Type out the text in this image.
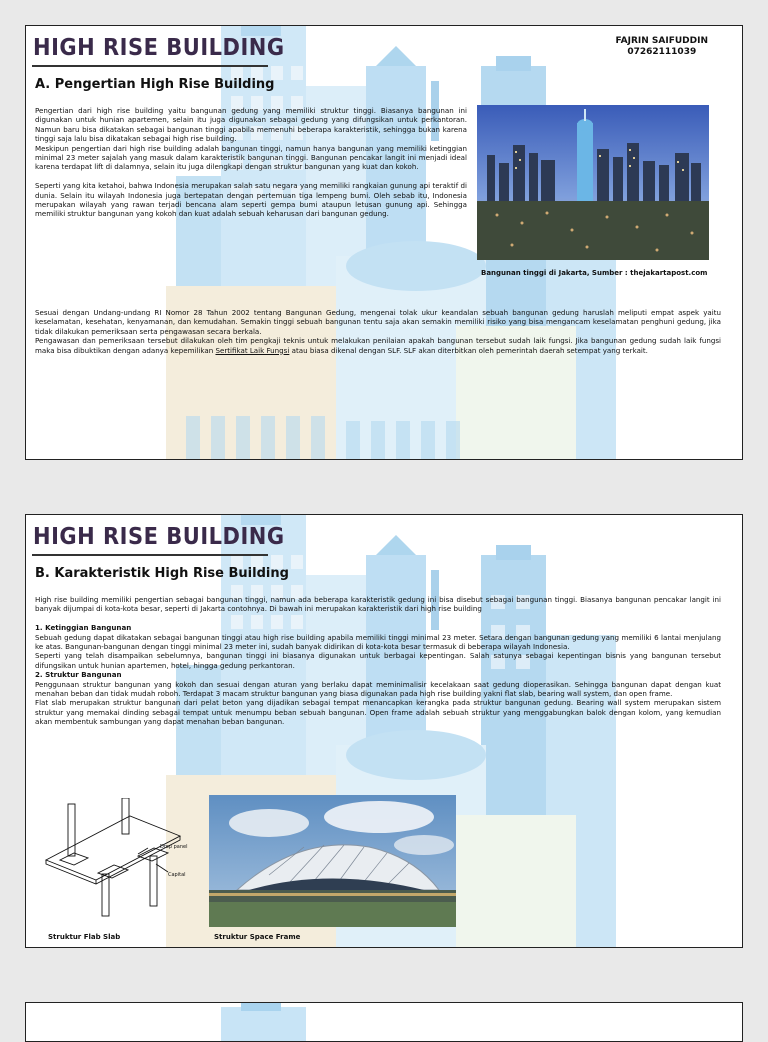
HIGH RISE BUILDING	FAJRIN SAIFUDDIN
07262111039
A. Pengertian High Rise Building

Pengertian dari high rise building yaitu bangunan gedung yang memiliki struktur tinggi. Biasanya bangunan ini digunakan untuk hunian apartemen, selain itu juga digunakan sebagai gedung yang difungsikan untuk perkantoran. Namun baru bisa dikatakan sebagai bangunan tinggi apabila memenuhi beberapa karakteristik, sehingga bukan karena tinggi saja lalu bisa dikatakan sebagai high rise building.

Meskipun pengertian dari high rise building adalah bangunan tinggi, namun hanya bangunan yang memiliki ketinggian minimal 23 meter sajalah yang masuk dalam karakteristik bangunan tinggi. Bangunan pencakar langit ini menjadi ideal karena terdapat lift di dalamnya, selain itu juga dilengkapi dengan struktur bangunan yang kuat dan kokoh.

Seperti yang kita ketahoi, bahwa Indonesia merupakan salah satu negara yang memiliki rangkaian gunung api teraktif di dunia. Selain itu wilayah Indonesia juga bertepatan dengan pertemuan tiga lempeng bumi. Oleh sebab itu, Indonesia merupakan wilayah yang rawan terjadi bencana alam seperti gempa bumi ataupun letusan gunung api. Sehingga memiliki struktur bangunan yang kokoh dan kuat adalah sebuah keharusan dari bangunan gedung.

Bangunan tinggi di Jakarta, Sumber : thejakartapost.com

Sesuai dengan Undang-undang RI Nomor 28 Tahun 2002 tentang Bangunan Gedung, mengenai tolak ukur keandalan sebuah bangunan gedung haruslah meliputi empat aspek yaitu keselamatan, kesehatan, kenyamanan, dan kemudahan. Semakin tinggi sebuah bangunan tentu saja akan semakin memiliki risiko yang bisa mengancam keselamatan penghuni gedung, jika tidak dilakukan pemeriksaan serta pengawasan secara berkala.

Pengawasan dan pemeriksaan tersebut dilakukan oleh tim pengkaji teknis untuk melakukan penilaian apakah bangunan tersebut sudah laik fungsi. Jika bangunan gedung sudah laik fungsi maka bisa dibuktikan dengan adanya kepemilikan Sertifikat Laik Fungsi atau biasa dikenal dengan SLF. SLF akan diterbitkan oleh pemerintah daerah setempat yang terkait.

HIGH RISE BUILDING
B. Karakteristik High Rise Building

High rise building memiliki pengertian sebagai bangunan tinggi, namun ada beberapa karakteristik gedung ini bisa disebut sebagai bangunan tinggi. Biasanya bangunan pencakar langit ini banyak dijumpai di kota-kota besar, seperti di Jakarta contohnya. Di bawah ini merupakan karakteristik dari high rise building

1. Ketinggian Bangunan

Sebuah gedung dapat dikatakan sebagai bangunan tinggi atau high rise building apabila memiliki tinggi minimal 23 meter. Setara dengan bangunan gedung yang memiliki 6 lantai menjulang ke atas. Bangunan-bangunan dengan tinggi minimal 23 meter ini, sudah banyak didirikan di kota-kota besar termasuk di beberapa wilayah Indonesia.

Seperti yang telah disampaikan sebelumnya, bangunan tinggi ini biasanya digunakan untuk berbagai kepentingan. Salah satunya sebagai kepentingan bisnis yang bangunan tersebut difungsikan untuk hunian apartemen, hotel, hingga gedung perkantoran.

2. Struktur Bangunan

Penggunaan struktur bangunan yang kokoh dan sesuai dengan aturan yang berlaku dapat meminimalisir kecelakaan saat gedung dioperasikan. Sehingga bangunan dapat dengan kuat menahan beban dan tidak mudah roboh. Terdapat 3 macam struktur bangunan yang biasa digunakan pada high rise building yakni flat slab, bearing wall system, dan open frame.

Flat slab merupakan struktur bangunan dari pelat beton yang dijadikan sebagai tempat menancapkan kerangka pada struktur bangunan gedung. Bearing wall system merupakan sistem struktur yang memakai dinding sebagai tempat untuk menumpu beban sebuah bangunan. Open frame adalah sebuah struktur yang menggabungkan balok dengan kolom, yang kemudian akan membentuk sambungan yang dapat menahan beban bangunan.

Drop panel
Capital
Struktur Flab Slab	Struktur Space Frame
